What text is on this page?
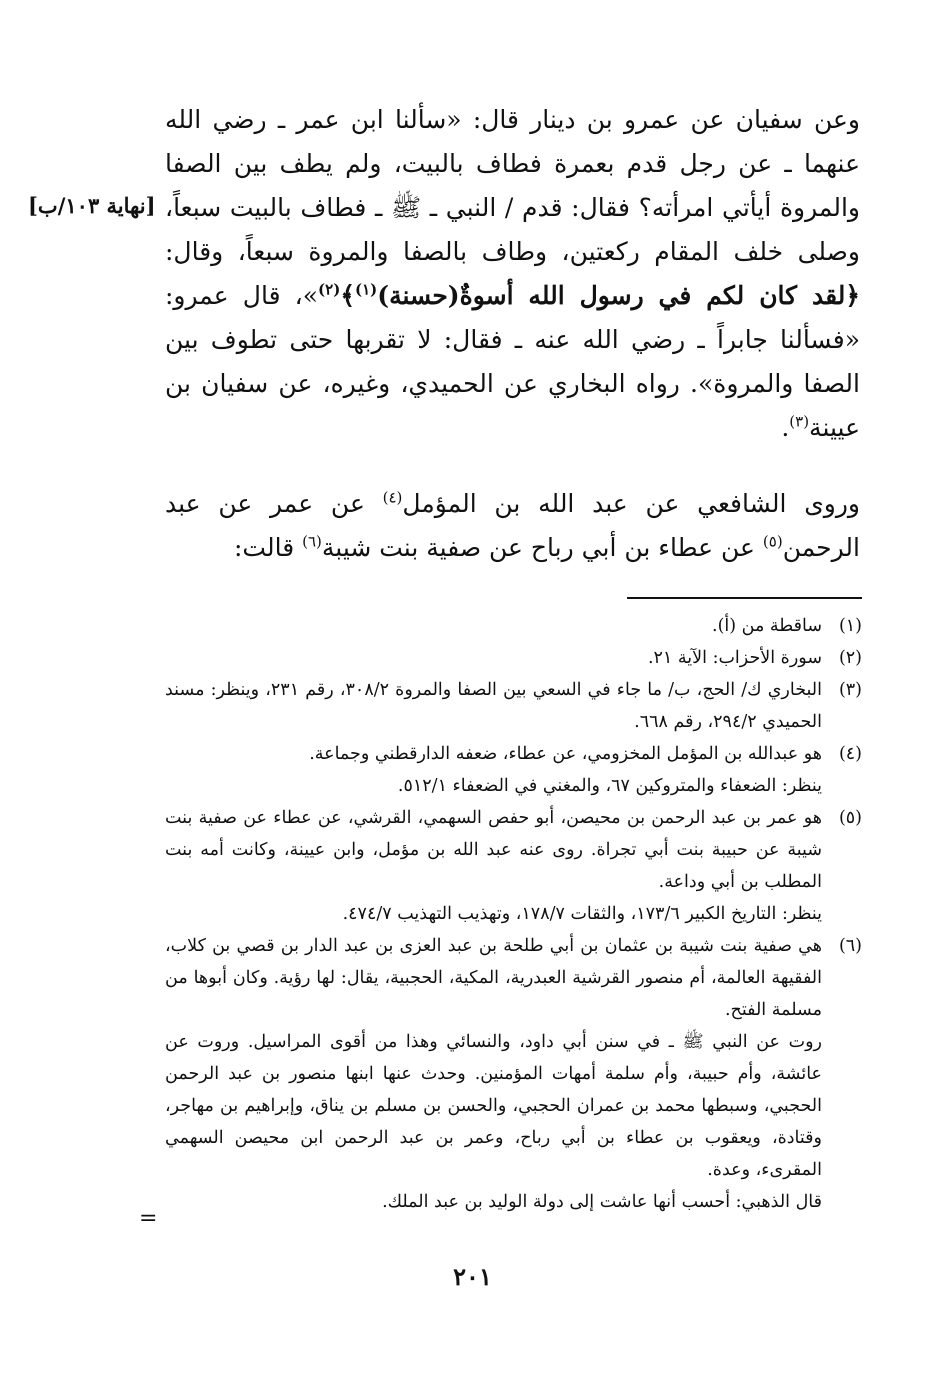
وعن سفيان عن عمرو بن دينار قال: «سألنا ابن عمر ـ رضي الله عنهما ـ عن رجل قدم بعمرة فطاف بالبيت، ولم يطف بين الصفا والمروة أيأتي امرأته؟ فقال: قدم / النبي ـ ﷺ ـ فطاف بالبيت سبعاً، وصلى خلف المقام ركعتين، وطاف بالصفا والمروة سبعاً، وقال: ﴿لقد كان لكم في رسول الله أسوةٌ(حسنة)$^{(١)}$﴾$^{(٢)}$»، قال عمرو: «فسألنا جابراً ـ رضي الله عنه ـ فقال: لا تقربها حتى تطوف بين الصفا والمروة». رواه البخاري عن الحميدي، وغيره، عن سفيان بن عيينة$^{(٣)}$.

[نهاية ١٠٣/ب]

وروى الشافعي عن عبد الله بن المؤمل$^{(٤)}$ عن عمر عن عبد الرحمن$^{(٥)}$ عن عطاء بن أبي رباح عن صفية بنت شيبة$^{(٦)}$ قالت:

(١)

ساقطة من (أ).

(٢)

سورة الأحزاب: الآية ٢١.

(٣)

البخاري ك/ الحج، ب/ ما جاء في السعي بين الصفا والمروة ٣٠٨/٢، رقم ٢٣١، وينظر: مسند الحميدي ٢٩٤/٢، رقم ٦٦٨.

(٤)

هو عبدالله بن المؤمل المخزومي، عن عطاء، ضعفه الدارقطني وجماعة.

ينظر: الضعفاء والمتروكين ٦٧، والمغني في الضعفاء ٥١٢/١.

(٥)

هو عمر بن عبد الرحمن بن محيصن، أبو حفص السهمي، القرشي، عن عطاء عن صفية بنت شيبة عن حبيبة بنت أبي تجراة. روى عنه عبد الله بن مؤمل، وابن عيينة، وكانت أمه بنت المطلب بن أبي وداعة.

ينظر: التاريخ الكبير ١٧٣/٦، والثقات ١٧٨/٧، وتهذيب التهذيب ٤٧٤/٧.

(٦)

هي صفية بنت شيبة بن عثمان بن أبي طلحة بن عبد العزى بن عبد الدار بن قصي بن كلاب، الفقيهة العالمة، أم منصور القرشية العبدرية، المكية، الحجبية، يقال: لها رؤية. وكان أبوها من مسلمة الفتح.

روت عن النبي ﷺ ـ في سنن أبي داود، والنسائي وهذا من أقوى المراسيل. وروت عن عائشة، وأم حبيبة، وأم سلمة أمهات المؤمنين. وحدث عنها ابنها منصور بن عبد الرحمن الحجبي، وسبطها محمد بن عمران الحجبي، والحسن بن مسلم بن يناق، وإبراهيم بن مهاجر، وقتادة، ويعقوب بن عطاء بن أبي رباح، وعمر بن عبد الرحمن ابن محيصن السهمي المقرىء، وعدة.

قال الذهبي: أحسب أنها عاشت إلى دولة الوليد بن عبد الملك.

=
٢٠١
